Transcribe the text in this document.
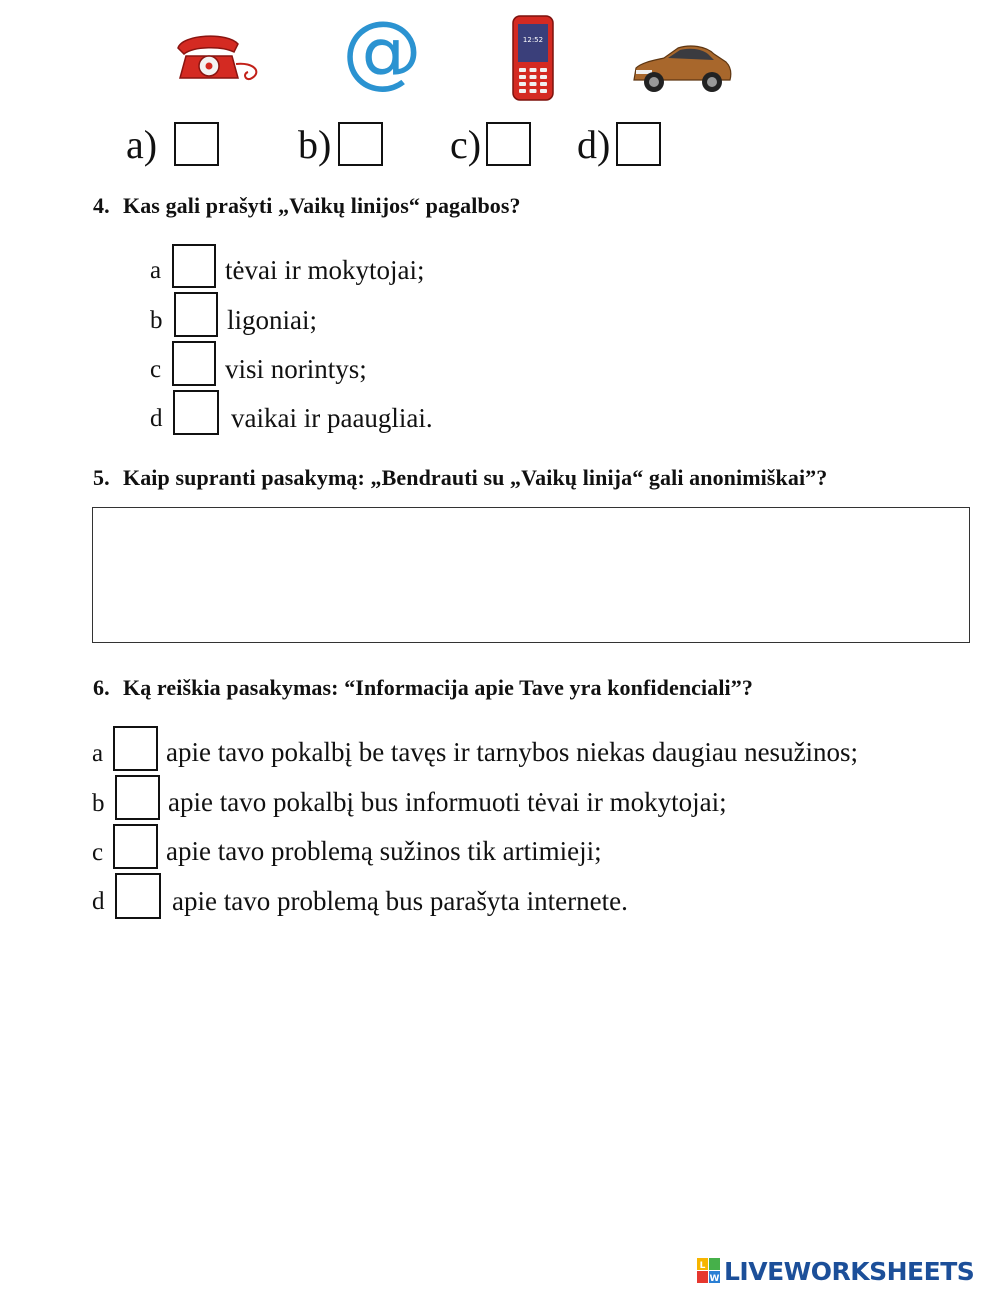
@	12:52
a)	b)	c) d)
4. Kas gali prašyti „Vaikų linijos“ pagalbos?
a tėvai ir mokytojai;
b ligoniai;
c visi norintys;
d	vaikai ir paaugliai.
5. Kaip supranti pasakymą: „Bendrauti su „Vaikų linija“ gali anonimiškai”?
6. Ką reiškia pasakymas: “Informacija apie Tave yra konfidenciali”?
a apie tavo pokalbį be tavęs ir tarnybos niekas daugiau nesužinos;
b apie tavo pokalbį bus informuoti tėvai ir mokytojai;
c apie tavo problemą sužinos tik artimieji;
d	apie tavo problemą bus parašyta internete.
L
W LIVEWORKSHEETS
